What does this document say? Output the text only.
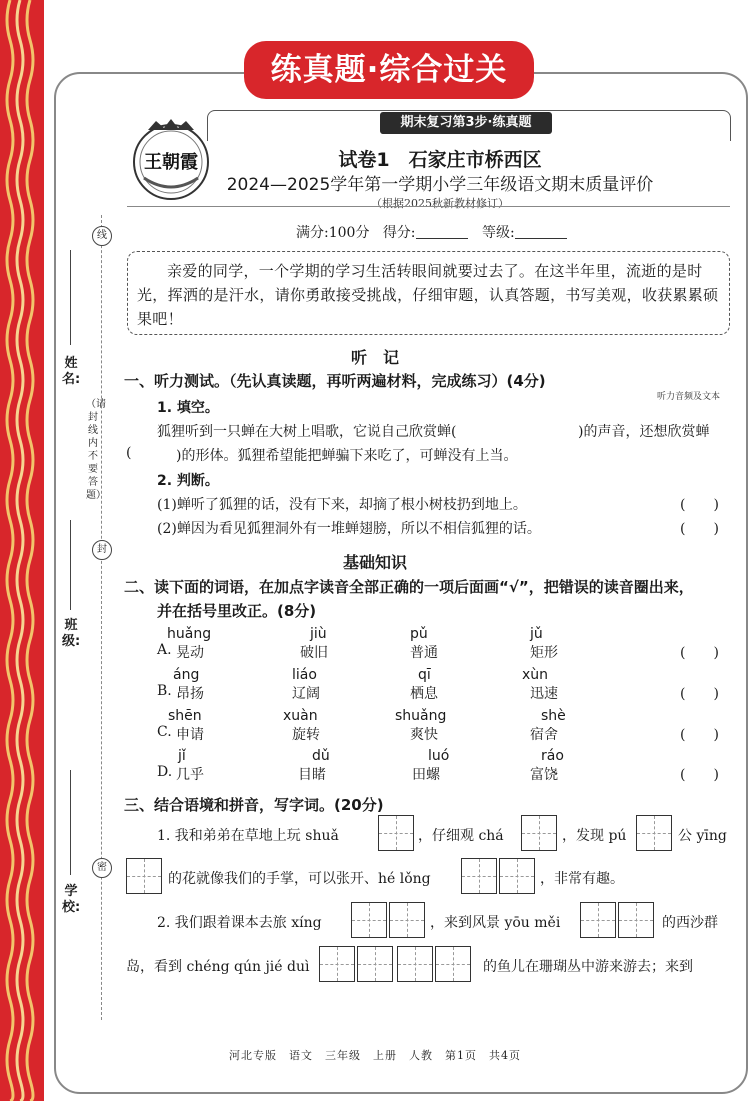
练真题·综合过关
王朝霞
期末复习第3步·练真题
试卷1　石家庄市桥西区
2024—2025学年第一学期小学三年级语文期末质量评价
（根据2025秋新教材修订）
满分:100分 得分:	等级:
亲爱的同学，一个学期的学习生活转眼间就要过去了。在这半年里，流逝的是时光，挥洒的是汗水，请你勇敢接受挑战，仔细审题，认真答题，书写美观，收获累累硕果吧！
听　记
一、听力测试。（先认真读题，再听两遍材料，完成练习）(4分)
听力音频及文本
1. 填空。
狐狸听到一只蝉在大树上唱歌，它说自己欣赏蝉(	)的声音，还想欣赏蝉
(	)的形体。狐狸希望能把蝉骗下来吃了，可蝉没有上当。
2. 判断。
(1)蝉听了狐狸的话，没有下来，却摘了根小树枝扔到地上。	(　　)
(2)蝉因为看见狐狸洞外有一堆蝉翅膀，所以不相信狐狸的话。	(　　)
基础知识
二、读下面的词语，在加点字读音全部正确的一项后面画“√”，把错误的读音圈出来，
并在括号里改正。(8分)
huǎng	jiù	pǔ	jǔ
A. 晃动	破旧	普通	矩形	(　　)
áng	liáo	qī	xùn
B. 昂扬	辽阔	栖息	迅速	(　　)
shēn	xuàn	shuǎng	shè
C. 申请	旋转	爽快	宿舍	(　　)
jǐ	dǔ	luó	ráo
D. 几乎	目睹	田螺	富饶	(　　)
三、结合语境和拼音，写字词。(20分)
1. 我和弟弟在草地上玩 shuǎ	，仔细观 chá	，发现 pú	公 yīng
的花就像我们的手掌，可以张开、hé lǒng	，非常有趣。
2. 我们跟着课本去旅 xíng	，来到风景 yōu měi	的西沙群
岛，看到 chéng qún jié duì	的鱼儿在珊瑚丛中游来游去；来到
线
封
密
（请封线内不要答题）
姓名:
班级:
学校:
河北专版　语文　三年级　上册　人教　第1页　共4页
